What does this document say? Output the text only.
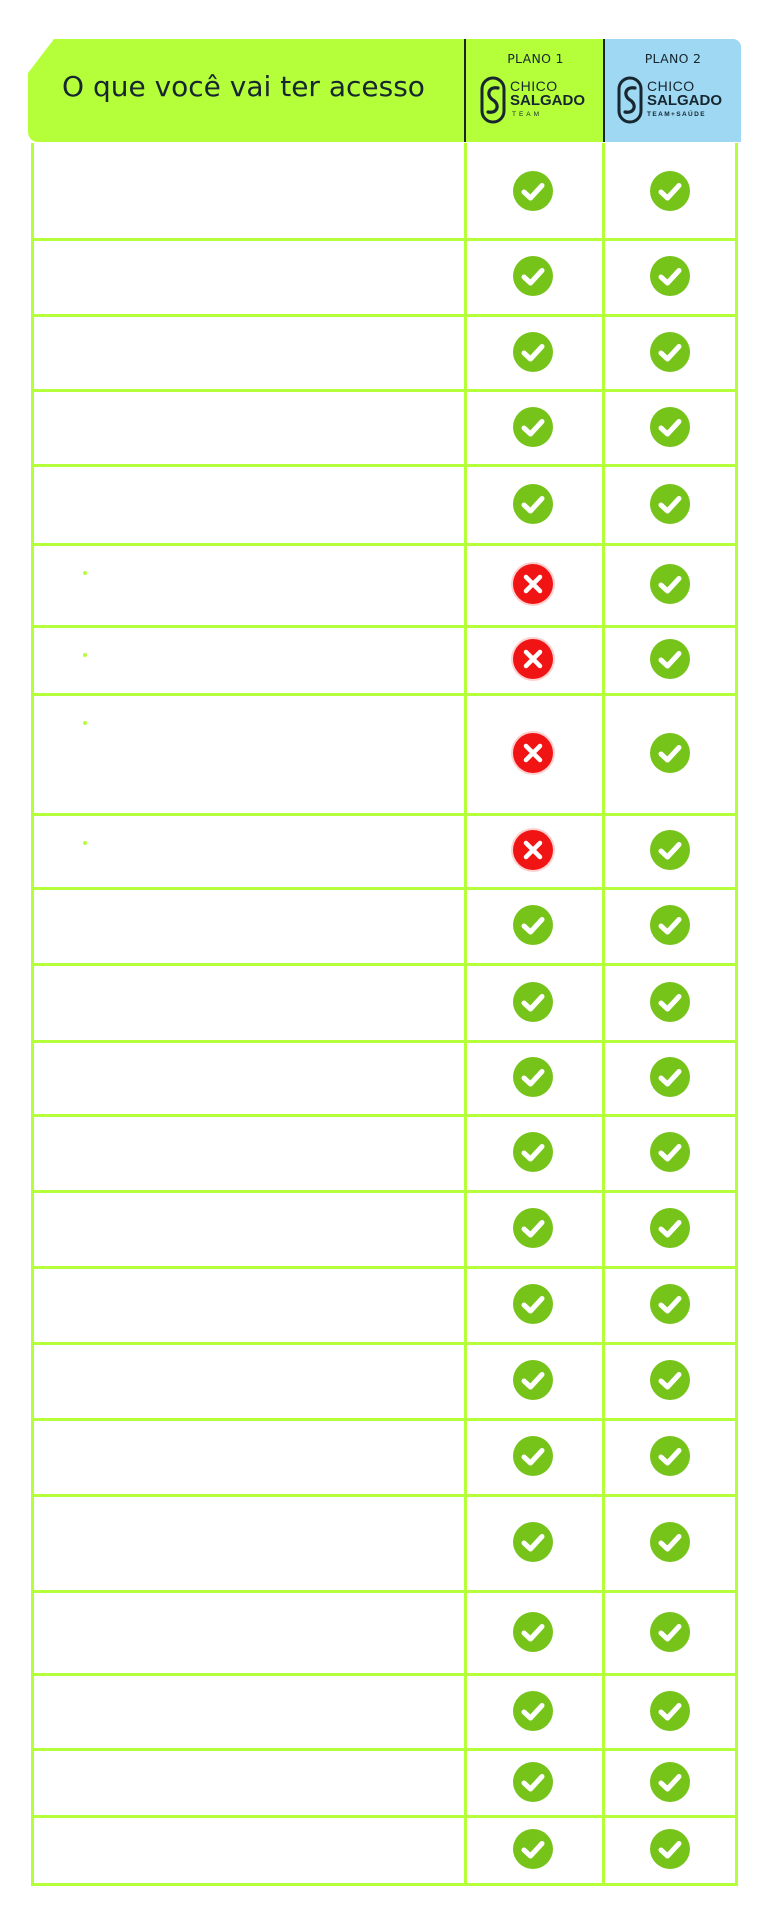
O que você vai ter acesso
PLANO 1
CHICO
SALGADO
TEAM
PLANO 2
CHICO
SALGADO
TEAM+SAÚDE
